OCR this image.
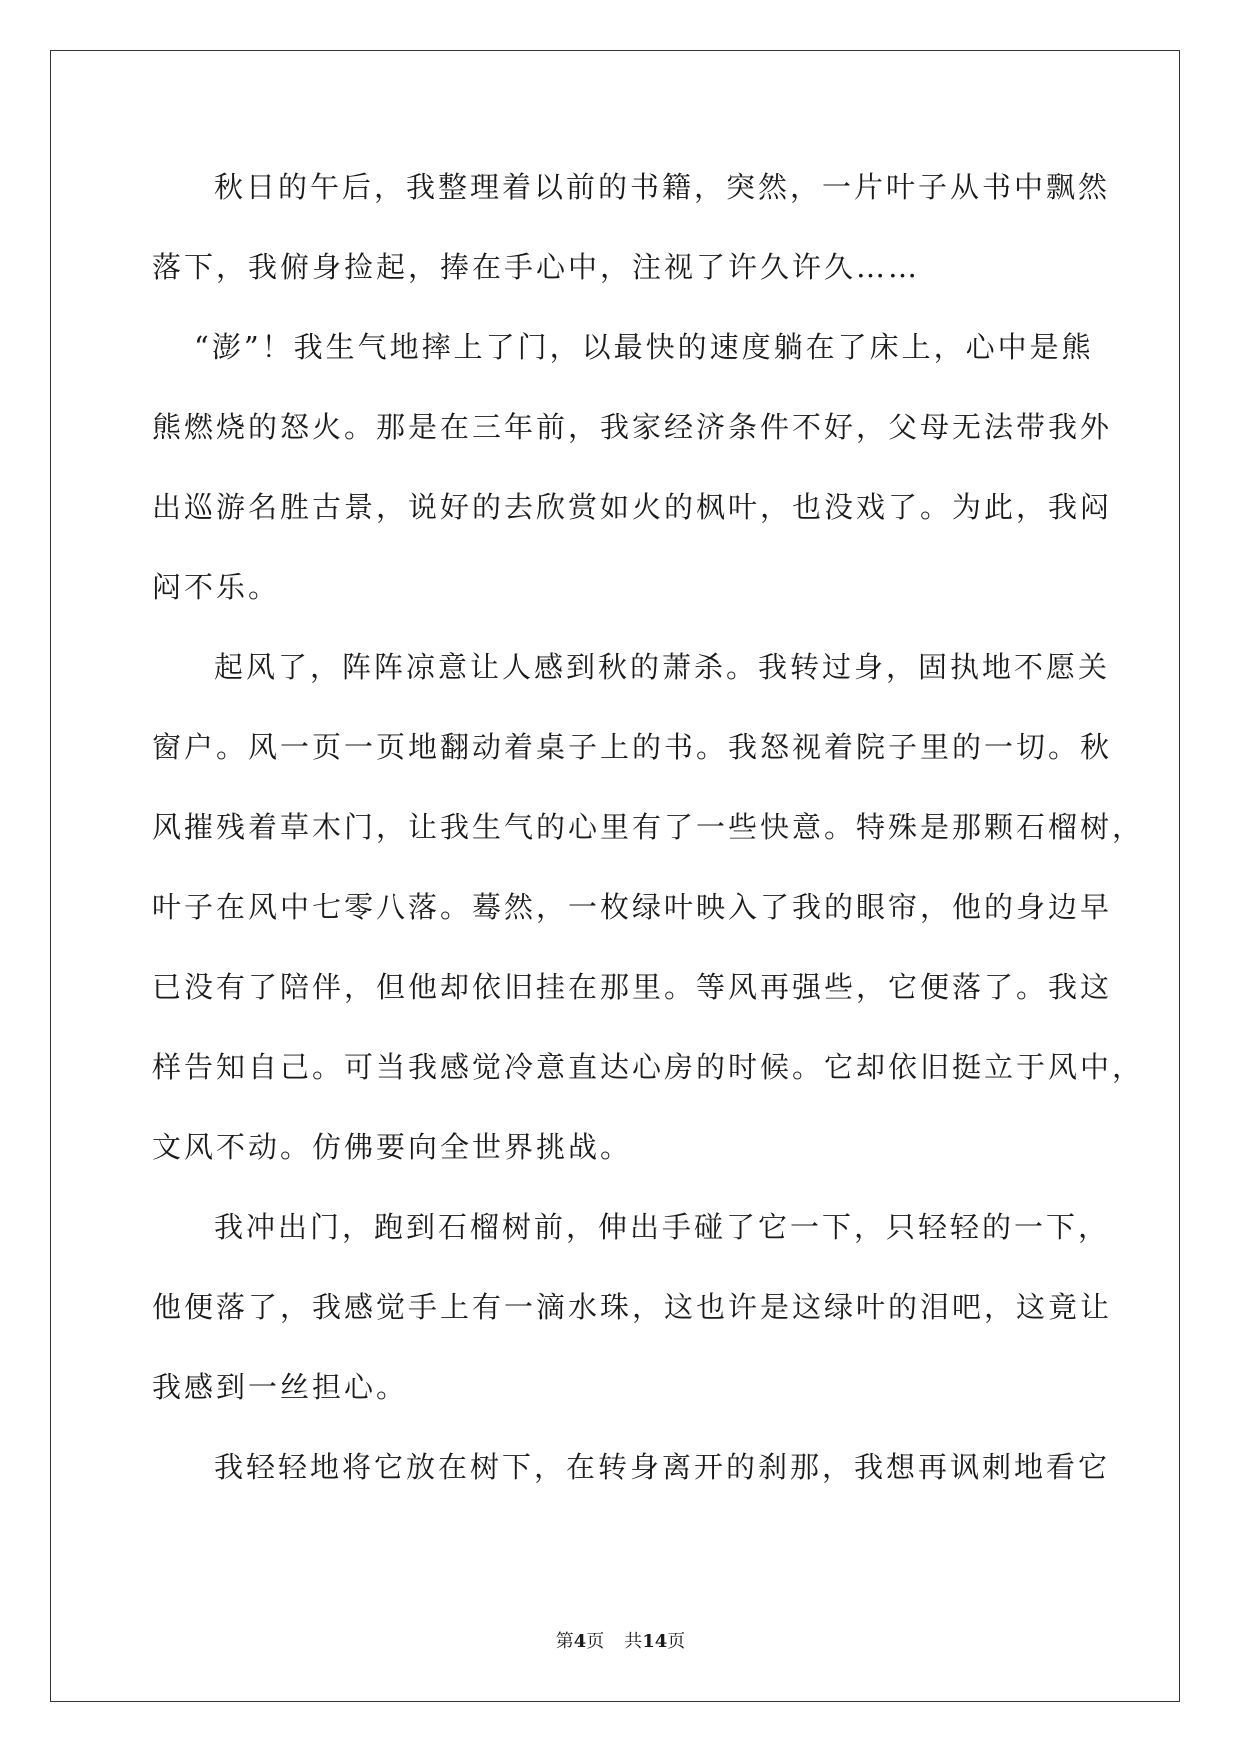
秋日的午后，我整理着以前的书籍，突然，一片叶子从书中飘然
落下，我俯身捡起，捧在手心中，注视了许久许久……
“澎”！我生气地摔上了门，以最快的速度躺在了床上，心中是熊
熊燃烧的怒火。那是在三年前，我家经济条件不好，父母无法带我外
出巡游名胜古景，说好的去欣赏如火的枫叶，也没戏了。为此，我闷
闷不乐。
起风了，阵阵凉意让人感到秋的萧杀。我转过身，固执地不愿关
窗户。风一页一页地翻动着桌子上的书。我怒视着院子里的一切。秋
风摧残着草木门，让我生气的心里有了一些快意。特殊是那颗石榴树，
叶子在风中七零八落。蓦然，一枚绿叶映入了我的眼帘，他的身边早
已没有了陪伴，但他却依旧挂在那里。等风再强些，它便落了。我这
样告知自己。可当我感觉冷意直达心房的时候。它却依旧挺立于风中，
文风不动。仿佛要向全世界挑战。
我冲出门，跑到石榴树前，伸出手碰了它一下，只轻轻的一下，
他便落了，我感觉手上有一滴水珠，这也许是这绿叶的泪吧，这竟让
我感到一丝担心。
我轻轻地将它放在树下，在转身离开的刹那，我想再讽刺地看它
第4页 共14页
